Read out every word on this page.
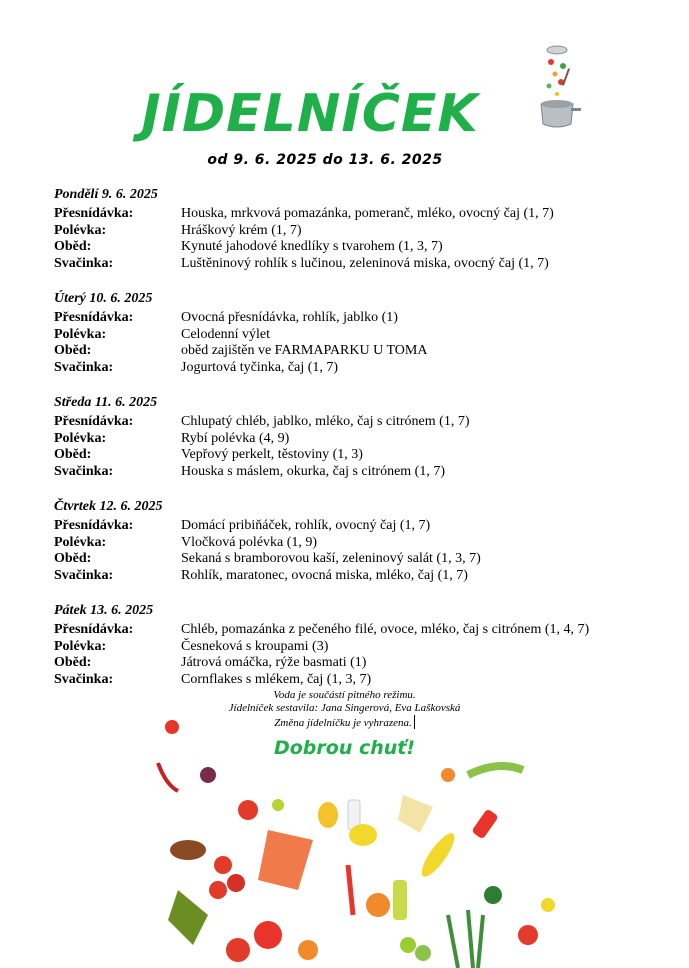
JÍDELNÍČEK
od 9. 6. 2025 do 13. 6. 2025
Pondělí 9. 6. 2025
Přesnídávka:	Houska, mrkvová pomazánka, pomeranč, mléko, ovocný čaj (1, 7)
Polévka:	Hráškový krém (1, 7)
Oběd:	Kynuté jahodové knedlíky s tvarohem (1, 3, 7)
Svačinka:	Luštěninový rohlík s lučinou, zeleninová miska, ovocný čaj (1, 7)
Úterý 10. 6. 2025
Přesnídávka:	Ovocná přesnídávka, rohlík, jablko (1)
Polévka:	Celodenní výlet
Oběd:	oběd zajištěn ve FARMAPARKU U TOMA
Svačinka:	Jogurtová tyčinka, čaj (1, 7)
Středa 11. 6. 2025
Přesnídávka:	Chlupatý chléb, jablko, mléko, čaj s citrónem (1, 7)
Polévka:	Rybí polévka (4, 9)
Oběd:	Vepřový perkelt, těstoviny (1, 3)
Svačinka:	Houska s máslem, okurka, čaj s citrónem (1, 7)
Čtvrtek 12. 6. 2025
Přesnídávka:	Domácí pribiňáček, rohlík, ovocný čaj (1, 7)
Polévka:	Vločková polévka (1, 9)
Oběd:	Sekaná s bramborovou kaší, zeleninový salát (1, 3, 7)
Svačinka:	Rohlík, maratonec, ovocná miska, mléko, čaj (1, 7)
Pátek 13. 6. 2025
Přesnídávka:	Chléb, pomazánka z pečeného filé, ovoce, mléko, čaj s citrónem (1, 4, 7)
Polévka:	Česneková s kroupami (3)
Oběd:	Játrová omáčka, rýže basmati (1)
Svačinka:	Cornflakes s mlékem, čaj (1, 3, 7)
Voda je součástí pitného režimu.
Jídelníček sestavila: Jana Singerová, Eva Laškovská
Změna jídelníčku je vyhrazena.
Dobrou chuť!
